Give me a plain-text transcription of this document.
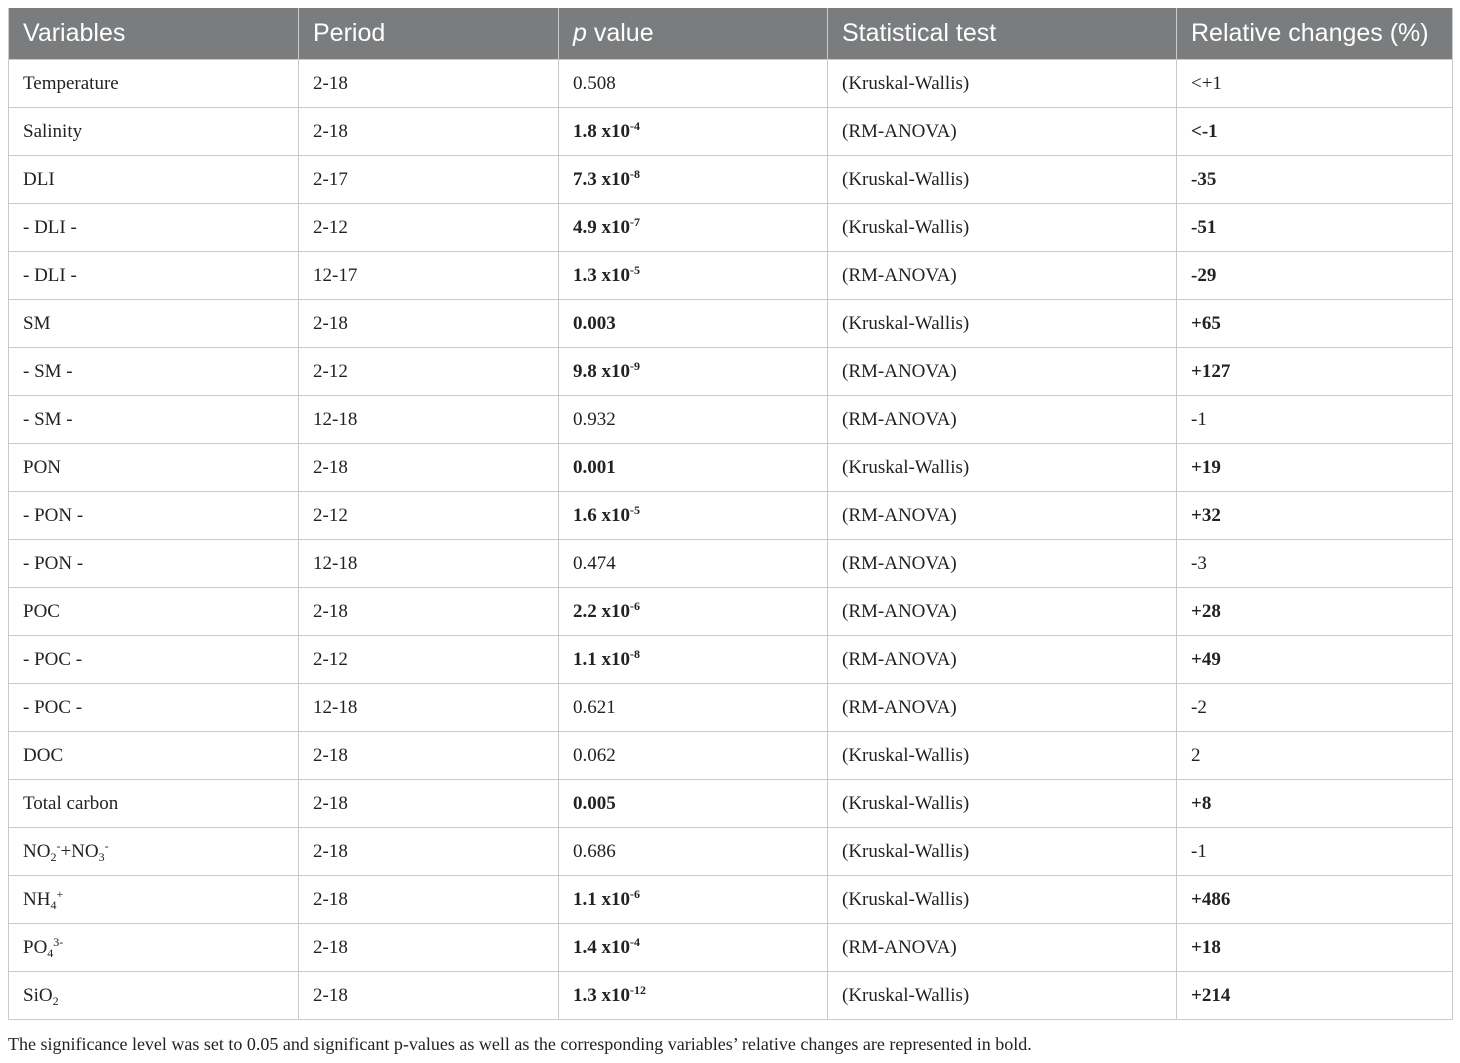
Variables	Period	p value	Statistical test	Relative changes (%)
Temperature	2-18	0.508	(Kruskal-Wallis)	<+1
Salinity	2-18	1.8 $x10^{-4}$	(RM-ANOVA)	<-1
DLI	2-17	7.3 $x10^{-8}$	(Kruskal-Wallis)	-35
- DLI -	2-12	4.9 $x10^{-7}$	(Kruskal-Wallis)	-51
- DLI -	12-17	1.3 $x10^{-5}$	(RM-ANOVA)	-29
SM	2-18	0.003	(Kruskal-Wallis)	+65
- SM -	2-12	9.8 $x10^{-9}$	(RM-ANOVA)	+127
- SM -	12-18	0.932	(RM-ANOVA)	-1
PON	2-18	0.001	(Kruskal-Wallis)	+19
- PON -	2-12	1.6 $x10^{-5}$	(RM-ANOVA)	+32
- PON -	12-18	0.474	(RM-ANOVA)	-3
POC	2-18	2.2 $x10^{-6}$	(RM-ANOVA)	+28
- POC -	2-12	1.1 $x10^{-8}$	(RM-ANOVA)	+49
- POC -	12-18	0.621	(RM-ANOVA)	-2
DOC	2-18	0.062	(Kruskal-Wallis)	2
Total carbon	2-18	0.005	(Kruskal-Wallis)	+8
$NO_2^-+NO_3^-$	2-18	0.686	(Kruskal-Wallis)	-1
$NH_4^+$	2-18	1.1 $x10^{-6}$	(Kruskal-Wallis)	+486
$PO_4^{3-}$	2-18	1.4 $x10^{-4}$	(RM-ANOVA)	+18
SiO$_2$	2-18	1.3 $x10^{-12}$	(Kruskal-Wallis)	+214
The significance level was set to 0.05 and significant p-values as well as the corresponding variables’ relative changes are represented in bold.
